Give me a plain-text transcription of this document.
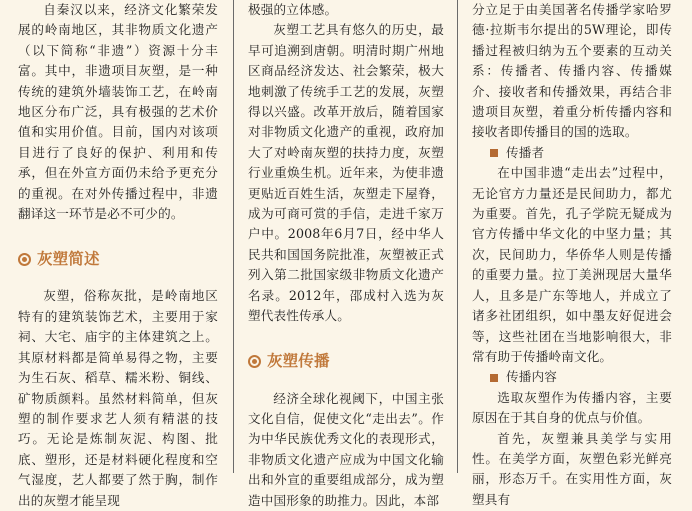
自秦汉以来，经济文化繁荣发展的岭南地区，其非物质文化遗产（以下简称“非遗”）资源十分丰富。其中，非遗项目灰塑，是一种传统的建筑外墙装饰工艺，在岭南地区分布广泛，具有极强的艺术价值和实用价值。目前，国内对该项目进行了良好的保护、利用和传承，但在外宣方面仍未给予更充分的重视。在对外传播过程中，非遗翻译这一环节是必不可少的。

灰塑简述

灰塑，俗称灰批，是岭南地区特有的建筑装饰艺术，主要用于家祠、大宅、庙宇的主体建筑之上。其原材料都是简单易得之物，主要为生石灰、稻草、糯米粉、铜线、矿物质颜料。虽然材料简单，但灰塑的制作要求艺人须有精湛的技巧。无论是炼制灰泥、构图、批底、塑形，还是材料硬化程度和空气湿度，艺人都要了然于胸，制作出的灰塑才能呈现

极强的立体感。

灰塑工艺具有悠久的历史，最早可追溯到唐朝。明清时期广州地区商品经济发达、社会繁荣，极大地刺激了传统手工艺的发展，灰塑得以兴盛。改革开放后，随着国家对非物质文化遗产的重视，政府加大了对岭南灰塑的扶持力度，灰塑行业重焕生机。近年来，为使非遗更贴近百姓生活，灰塑走下屋脊，成为可商可赏的手信，走进千家万户中。2008年6月7日，经中华人民共和国国务院批准，灰塑被正式列入第二批国家级非物质文化遗产名录。2012年，邵成村入选为灰塑代表性传承人。

灰塑传播

经济全球化视阈下，中国主张文化自信，促使文化“走出去”。作为中华民族优秀文化的表现形式，非物质文化遗产应成为中国文化输出和外宣的重要组成部分，成为塑造中国形象的助推力。因此，本部

分立足于由美国著名传播学家哈罗德·拉斯韦尔提出的5W理论，即传播过程被归纳为五个要素的互动关系：传播者、传播内容、传播媒介、接收者和传播效果，再结合非遗项目灰塑，着重分析传播内容和接收者即传播目的国的选取。

传播者

在中国非遗“走出去”过程中，无论官方力量还是民间助力，都尤为重要。首先，孔子学院无疑成为官方传播中华文化的中坚力量；其次，民间助力，华侨华人则是传播的重要力量。拉丁美洲现居大量华人，且多是广东等地人，并成立了诸多社团组织，如中墨友好促进会等，这些社团在当地影响很大，非常有助于传播岭南文化。

传播内容

选取灰塑作为传播内容，主要原因在于其自身的优点与价值。

首先，灰塑兼具美学与实用性。在美学方面，灰塑色彩光鲜亮丽，形态万千。在实用性方面，灰塑具有
